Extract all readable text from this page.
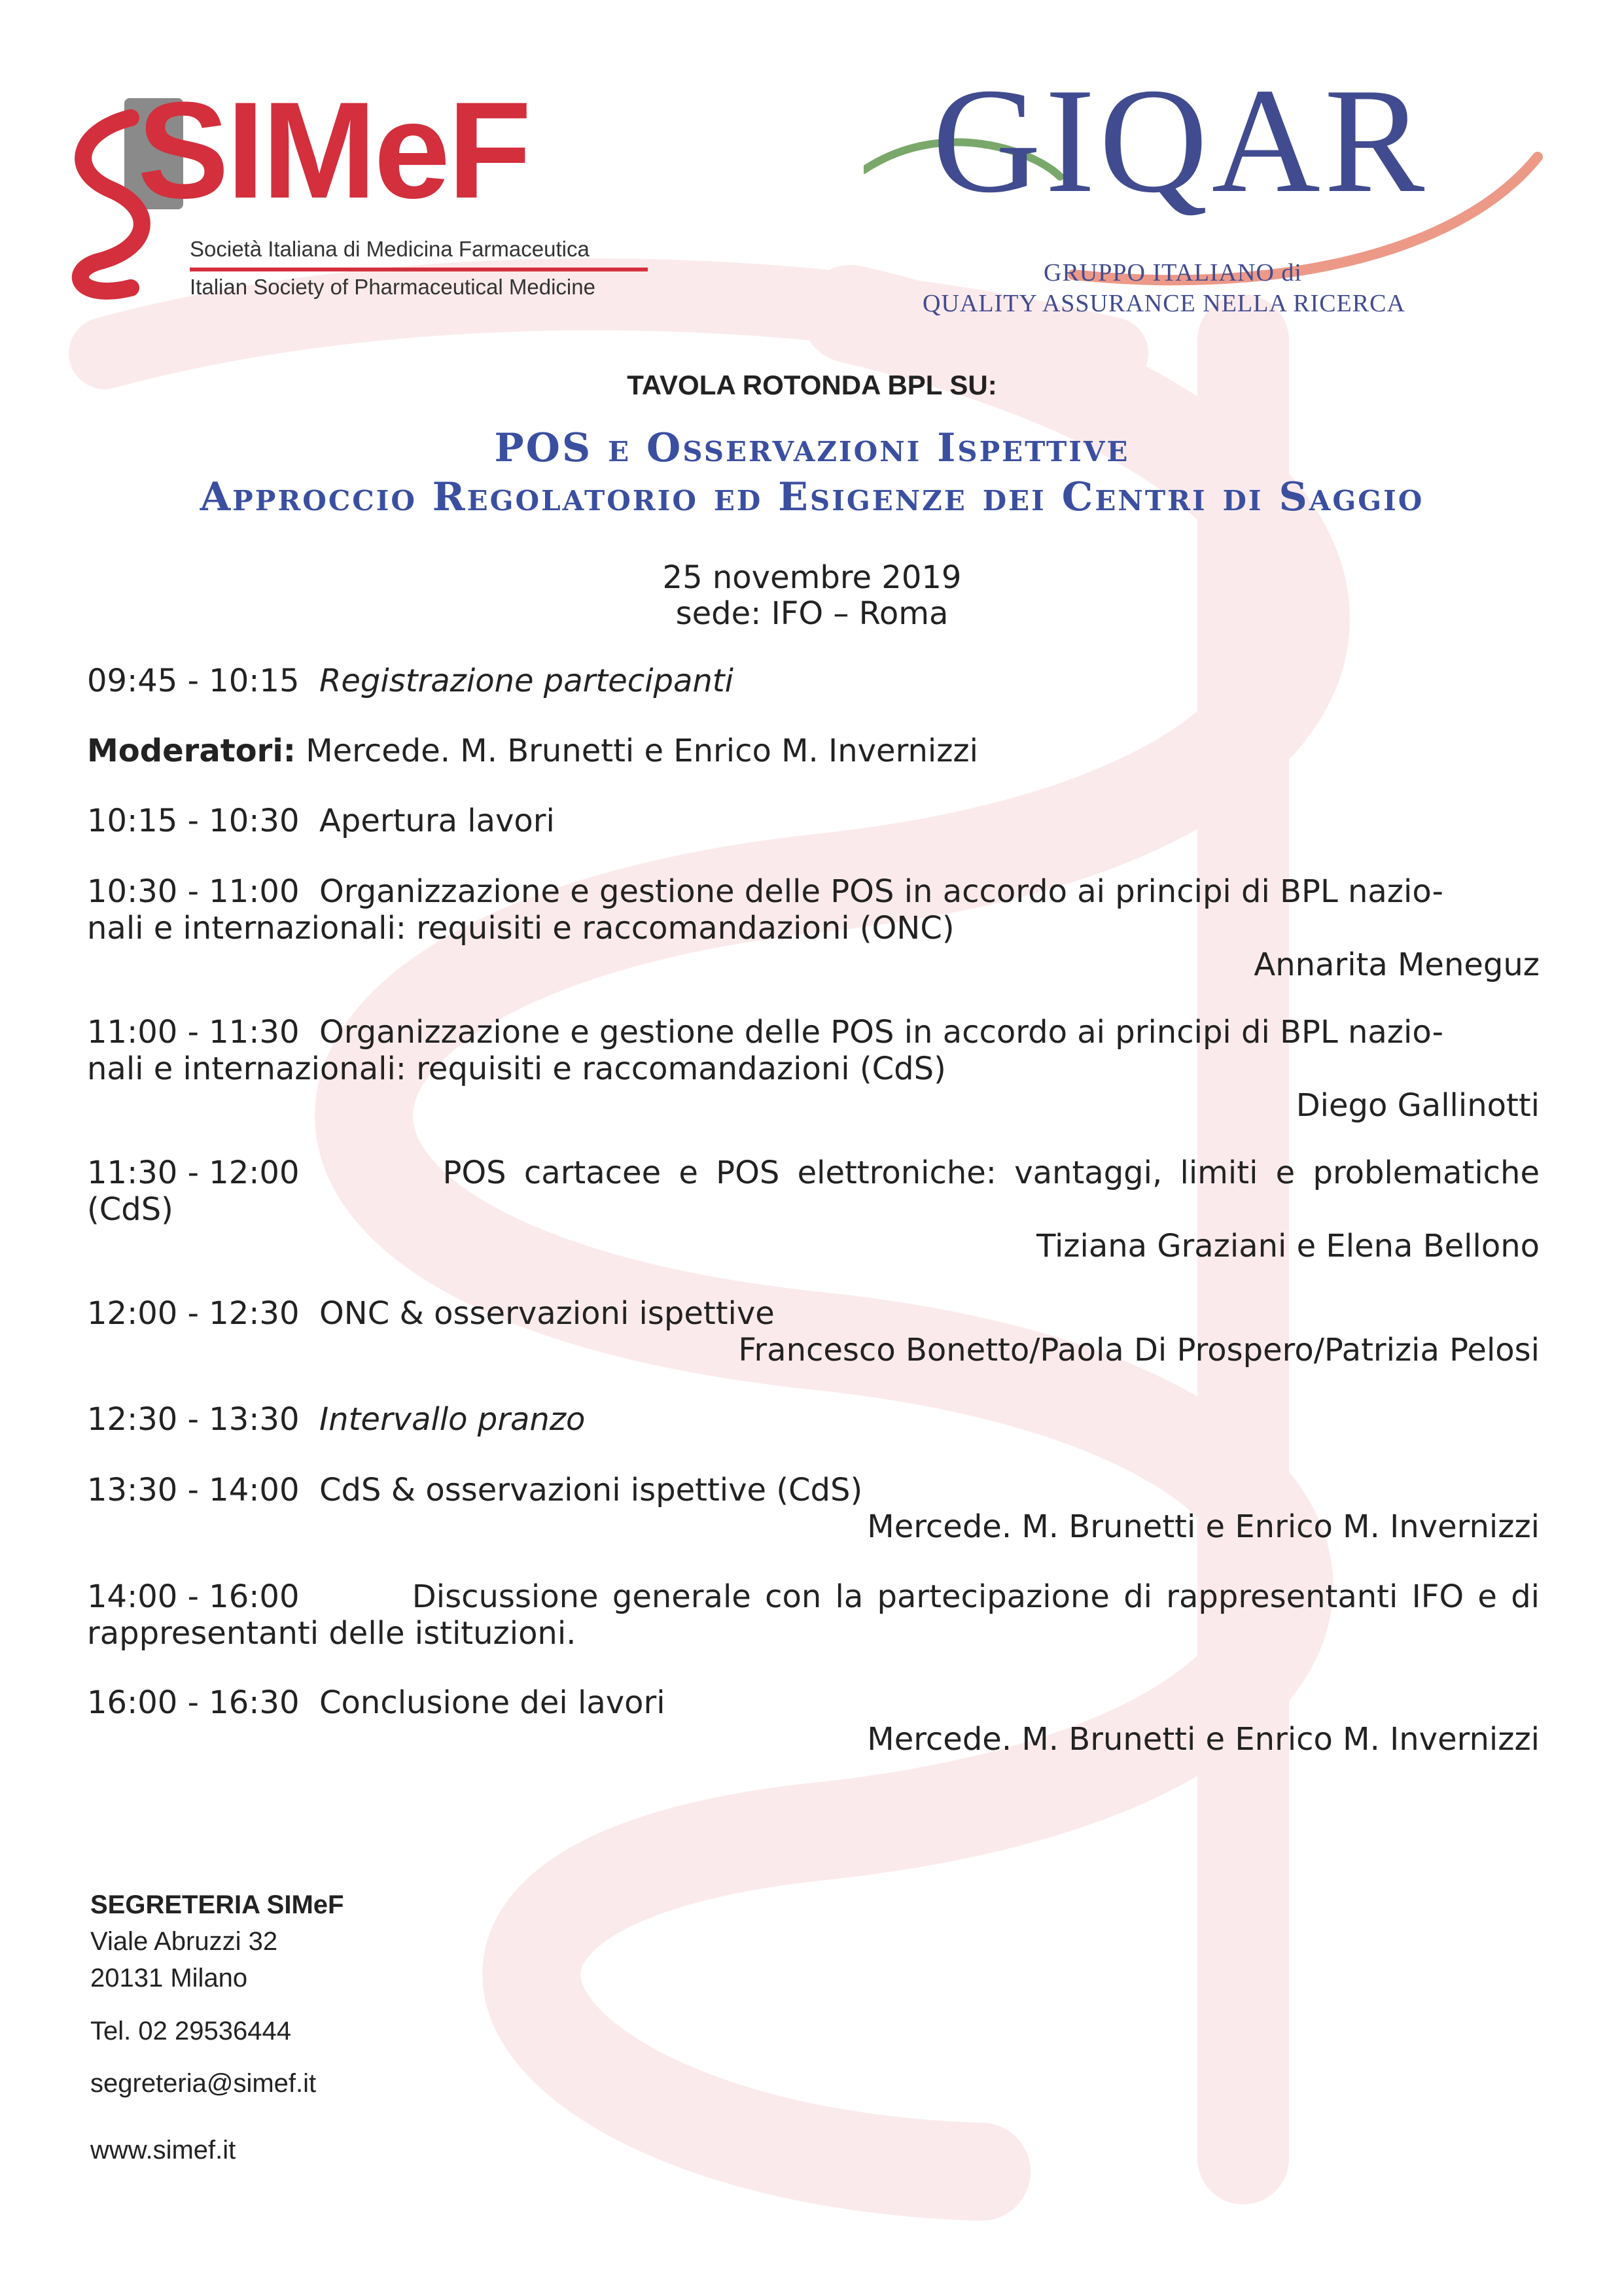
SIMeF
Società Italiana di Medicina Farmaceutica
Italian Society of Pharmaceutical Medicine
GIQAR
GRUPPO ITALIANO di
QUALITY ASSURANCE NELLA RICERCA
TAVOLA ROTONDA BPL SU:
POS e Osservazioni Ispettive
Approccio Regolatorio ed Esigenze dei Centri di Saggio
25 novembre 2019
sede: IFO – Roma
09:45 - 10:15 Registrazione partecipanti
Moderatori: Mercede. M. Brunetti e Enrico M. Invernizzi
10:15 - 10:30 Apertura lavori
10:30 - 11:00 Organizzazione e gestione delle POS in accordo ai principi di BPL nazio-
nali e internazionali: requisiti e raccomandazioni (ONC)
Annarita Meneguz
11:00 - 11:30 Organizzazione e gestione delle POS in accordo ai principi di BPL nazio-
nali e internazionali: requisiti e raccomandazioni (CdS)
Diego Gallinotti
11:30 - 12:00	POS cartacee e POS elettroniche: vantaggi, limiti e problematiche
(CdS)
Tiziana Graziani e Elena Bellono
12:00 - 12:30 ONC & osservazioni ispettive
Francesco Bonetto/Paola Di Prospero/Patrizia Pelosi
12:30 - 13:30 Intervallo pranzo
13:30 - 14:00 CdS & osservazioni ispettive (CdS)
Mercede. M. Brunetti e Enrico M. Invernizzi
14:00 - 16:00	Discussione generale con la partecipazione di rappresentanti IFO e di
rappresentanti delle istituzioni.
16:00 - 16:30 Conclusione dei lavori
Mercede. M. Brunetti e Enrico M. Invernizzi
SEGRETERIA SIMeF
Viale Abruzzi 32
20131 Milano
Tel. 02 29536444
segreteria@simef.it
www.simef.it
